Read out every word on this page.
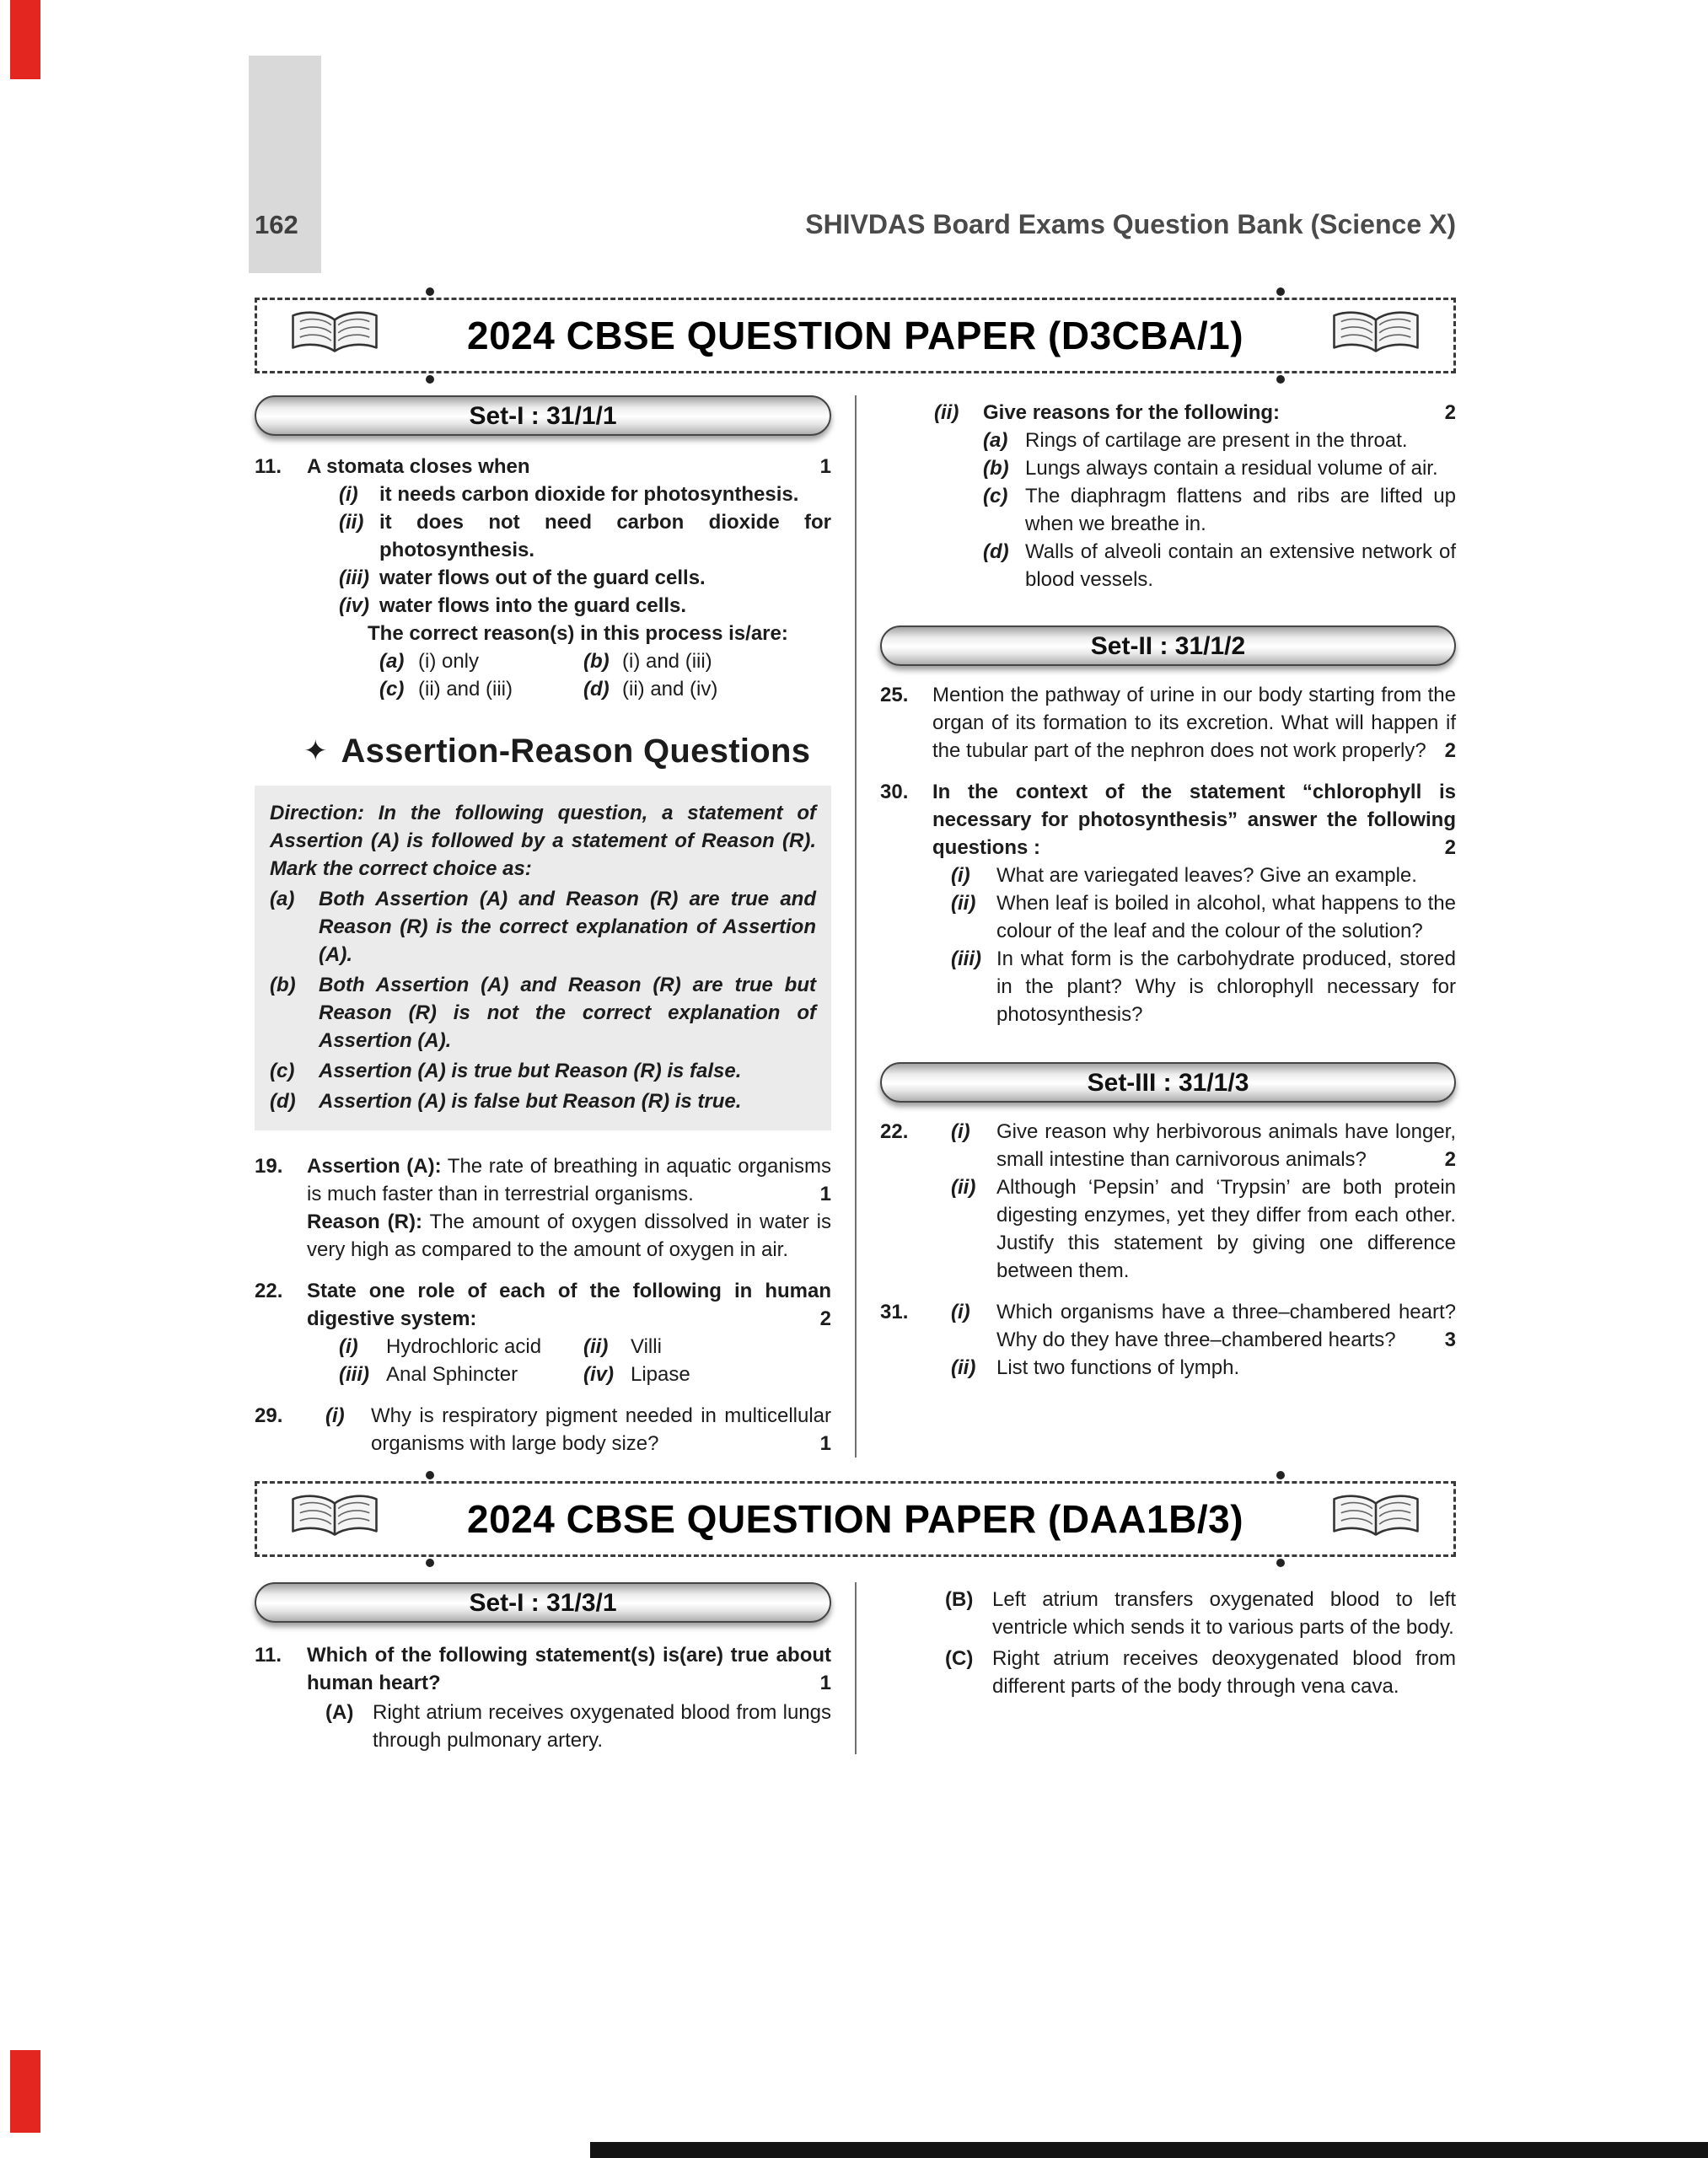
162	SHIVDAS Board Exams Question Bank (Science X)
2024 CBSE QUESTION PAPER (D3CBA/1)
Set-I : 31/1/1
11.	A stomata closes when	1

(i)	it needs carbon dioxide for photosynthesis.
(ii) it does not need carbon dioxide for photosynthesis.
(iii) water flows out of the guard cells.
(iv) water flows into the guard cells.

The correct reason(s) in this process is/are:

(a) (i) only	(b) (i) and (iii)
(c) (ii) and (iii)	(d) (ii) and (iv)
✦ Assertion-Reason Questions

Direction: In the following question, a statement of Assertion (A) is followed by a statement of Reason (R). Mark the correct choice as:

(a)	Both Assertion (A) and Reason (R) are true and Reason (R) is the correct explanation of Assertion (A).
(b)	Both Assertion (A) and Reason (R) are true but Reason (R) is not the correct explanation of Assertion (A).
(c)	Assertion (A) is true but Reason (R) is false.
(d)	Assertion (A) is false but Reason (R) is true.
19.	Assertion (A): The rate of breathing in aquatic organisms is much faster than in terrestrial organisms.	1

Reason (R): The amount of oxygen dissolved in water is very high as compared to the amount of oxygen in air.

22.	State one role of each of the following in human digestive system:	2

(i)	Hydrochloric acid (ii)	Villi
(iii) Anal Sphincter	(iv) Lipase
29.	(i)	Why is respiratory pigment needed in multicellular organisms with large body size?	1
(ii)	Give reasons for the following:	2
(a) Rings of cartilage are present in the throat.
(b) Lungs always contain a residual volume of air.
(c) The diaphragm flattens and ribs are lifted up when we breathe in.
(d) Walls of alveoli contain an extensive network of blood vessels.
Set-II : 31/1/2
25.	Mention the pathway of urine in our body starting from the organ of its formation to its excretion. What will happen if the tubular part of the nephron does not work properly? 2

30.	In the context of the statement “chlorophyll is necessary for photosynthesis” answer the following questions :	2

(i)	What are variegated leaves? Give an example.
(ii)	When leaf is boiled in alcohol, what happens to the colour of the leaf and the colour of the solution?
(iii) In what form is the carbohydrate produced, stored in the plant? Why is chlorophyll necessary for photosynthesis?
Set-III : 31/1/3
22.	(i)	Give reason why herbivorous animals have longer, small intestine than carnivorous animals?	2
(ii)	Although ‘Pepsin’ and ‘Trypsin’ are both protein digesting enzymes, yet they differ from each other. Justify this statement by giving one difference between them.
31.	(i)	Which organisms have a three–chambered heart? Why do they have three–chambered hearts? 3
(ii)	List two functions of lymph.
2024 CBSE QUESTION PAPER (DAA1B/3)
Set-I : 31/3/1
11.	Which of the following statement(s) is(are) true about human heart?	1

(A) Right atrium receives oxygenated blood from lungs through pulmonary artery.
(B) Left atrium transfers oxygenated blood to left ventricle which sends it to various parts of the body.
(C) Right atrium receives deoxygenated blood from different parts of the body through vena cava.
